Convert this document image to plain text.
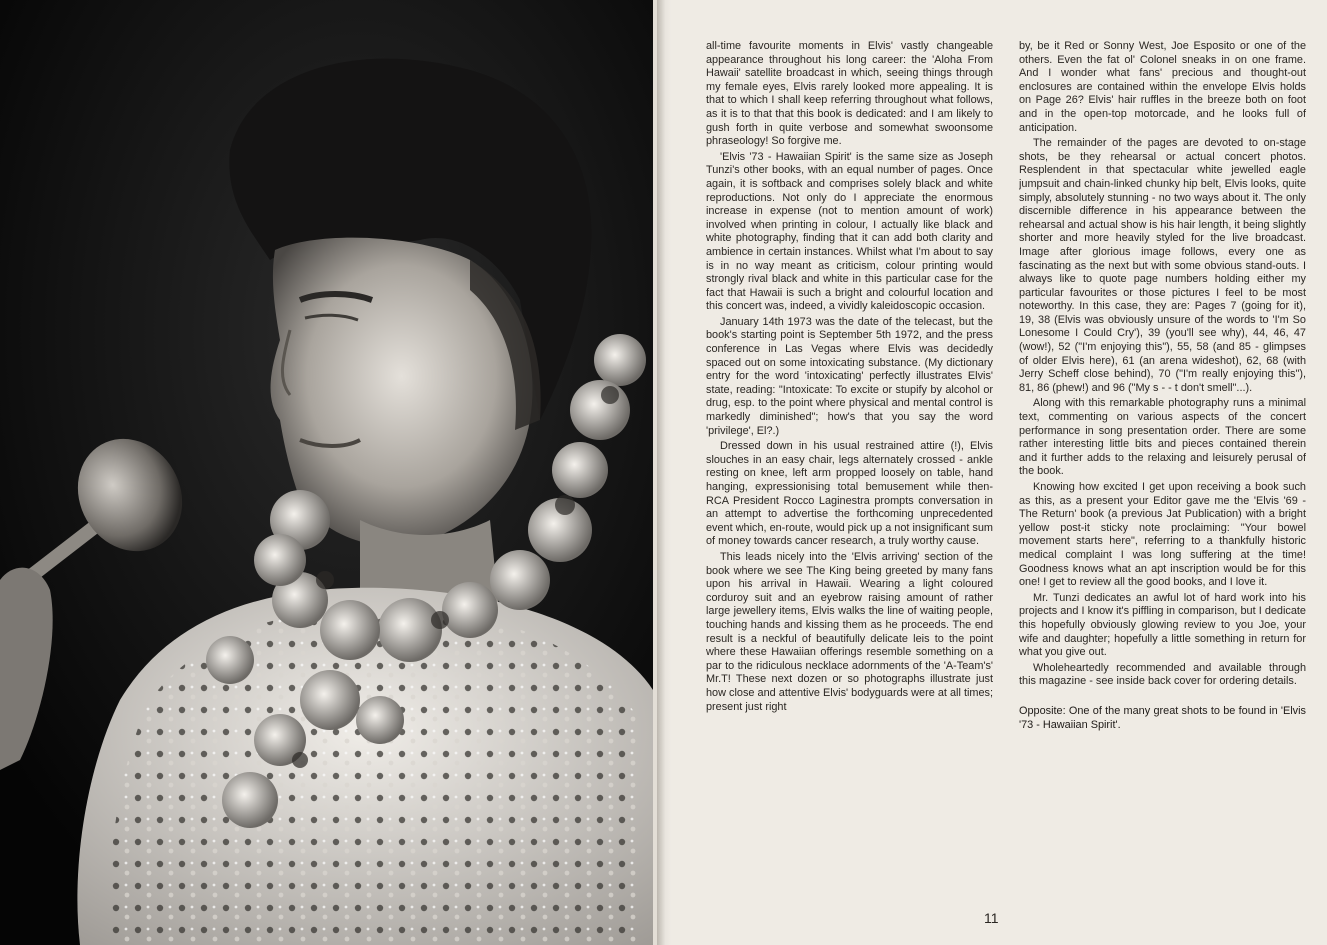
all-time favourite moments in Elvis' vastly changeable appearance throughout his long career: the 'Aloha From Hawaii' satellite broadcast in which, seeing things through my female eyes, Elvis rarely looked more appealing. It is that to which I shall keep referring throughout what follows, as it is to that that this book is dedicated: and I am likely to gush forth in quite verbose and somewhat swoonsome phraseology! So forgive me.

'Elvis '73 - Hawaiian Spirit' is the same size as Joseph Tunzi's other books, with an equal number of pages. Once again, it is softback and comprises solely black and white reproductions. Not only do I appreciate the enormous increase in expense (not to mention amount of work) involved when printing in colour, I actually like black and white photography, finding that it can add both clarity and ambience in certain instances. Whilst what I'm about to say is in no way meant as criticism, colour printing would strongly rival black and white in this particular case for the fact that Hawaii is such a bright and colourful location and this concert was, indeed, a vividly kaleidoscopic occasion.

January 14th 1973 was the date of the telecast, but the book's starting point is September 5th 1972, and the press conference in Las Vegas where Elvis was decidedly spaced out on some intoxicating substance. (My dictionary entry for the word 'intoxicating' perfectly illustrates Elvis' state, reading: "Intoxicate: To excite or stupify by alcohol or drug, esp. to the point where physical and mental control is markedly diminished"; how's that you say the word 'privilege', El?.)

Dressed down in his usual restrained attire (!), Elvis slouches in an easy chair, legs alternately crossed - ankle resting on knee, left arm propped loosely on table, hand hanging, expressionising total bemusement while then-RCA President Rocco Laginestra prompts conversation in an attempt to advertise the forthcoming unprecedented event which, en-route, would pick up a not insignificant sum of money towards cancer research, a truly worthy cause.

This leads nicely into the 'Elvis arriving' section of the book where we see The King being greeted by many fans upon his arrival in Hawaii. Wearing a light coloured corduroy suit and an eyebrow raising amount of rather large jewellery items, Elvis walks the line of waiting people, touching hands and kissing them as he proceeds. The end result is a neckful of beautifully delicate leis to the point where these Hawaiian offerings resemble something on a par to the ridiculous necklace adornments of the 'A-Team's' Mr.T! These next dozen or so photographs illustrate just how close and attentive Elvis' bodyguards were at all times; present just right

by, be it Red or Sonny West, Joe Esposito or one of the others. Even the fat ol' Colonel sneaks in on one frame. And I wonder what fans' precious and thought-out enclosures are contained within the envelope Elvis holds on Page 26? Elvis' hair ruffles in the breeze both on foot and in the open-top motorcade, and he looks full of anticipation.

The remainder of the pages are devoted to on-stage shots, be they rehearsal or actual concert photos. Resplendent in that spectacular white jewelled eagle jumpsuit and chain-linked chunky hip belt, Elvis looks, quite simply, absolutely stunning - no two ways about it. The only discernible difference in his appearance between the rehearsal and actual show is his hair length, it being slightly shorter and more heavily styled for the live broadcast. Image after glorious image follows, every one as fascinating as the next but with some obvious stand-outs. I always like to quote page numbers holding either my particular favourites or those pictures I feel to be most noteworthy. In this case, they are: Pages 7 (going for it), 19, 38 (Elvis was obviously unsure of the words to 'I'm So Lonesome I Could Cry'), 39 (you'll see why), 44, 46, 47 (wow!), 52 ("I'm enjoying this"), 55, 58 (and 85 - glimpses of older Elvis here), 61 (an arena wideshot), 62, 68 (with Jerry Scheff close behind), 70 ("I'm really enjoying this"), 81, 86 (phew!) and 96 ("My s - - t don't smell"...).

Along with this remarkable photography runs a minimal text, commenting on various aspects of the concert performance in song presentation order. There are some rather interesting little bits and pieces contained therein and it further adds to the relaxing and leisurely perusal of the book.

Knowing how excited I get upon receiving a book such as this, as a present your Editor gave me the 'Elvis '69 - The Return' book (a previous Jat Publication) with a bright yellow post-it sticky note proclaiming: "Your bowel movement starts here", referring to a thankfully historic medical complaint I was long suffering at the time! Goodness knows what an apt inscription would be for this one! I get to review all the good books, and I love it.

Mr. Tunzi dedicates an awful lot of hard work into his projects and I know it's piffling in comparison, but I dedicate this hopefully obviously glowing review to you Joe, your wife and daughter; hopefully a little something in return for what you give out.

Wholeheartedly recommended and available through this magazine - see inside back cover for ordering details.

Opposite: One of the many great shots to be found in 'Elvis '73 - Hawaiian Spirit'.

11
